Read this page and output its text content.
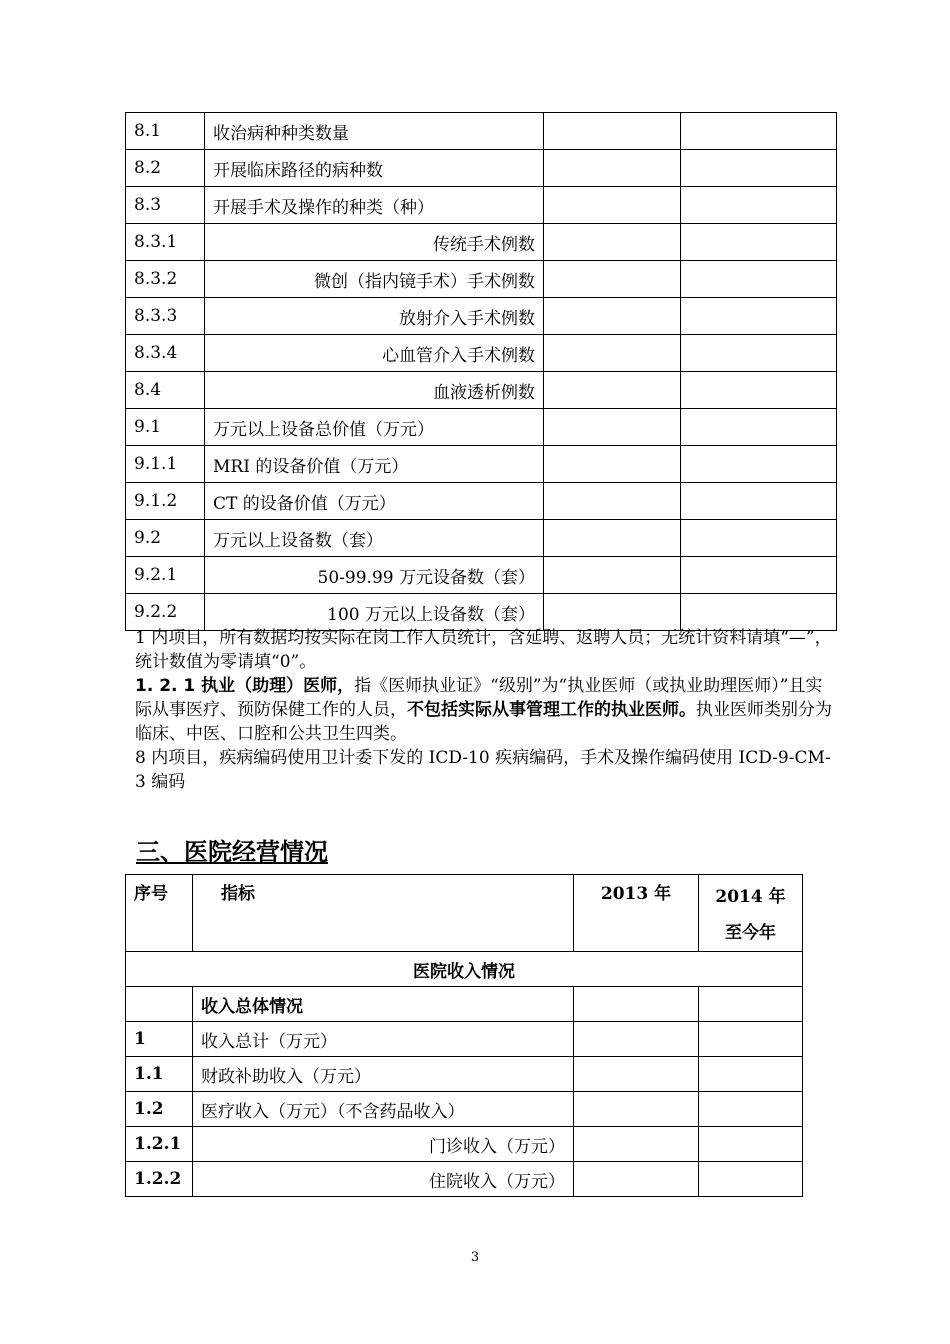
8.1	收治病种种类数量		
8.2	开展临床路径的病种数		
8.3	开展手术及操作的种类（种）		
8.3.1	传统手术例数		
8.3.2	微创（指内镜手术）手术例数		
8.3.3	放射介入手术例数		
8.3.4	心血管介入手术例数		
8.4	血液透析例数		
9.1	万元以上设备总价值（万元）		
9.1.1	MRI 的设备价值（万元）		
9.1.2	CT 的设备价值（万元）		
9.2	万元以上设备数（套）		
9.2.1	50-99.99 万元设备数（套）		
9.2.2	100 万元以上设备数（套）		

1 内项目，所有数据均按实际在岗工作人员统计，含延聘、返聘人员；无统计资料请填“—”，统计数值为零请填“0”。

1. 2. 1 执业（助理）医师，指《医师执业证》“级别”为“执业医师（或执业助理医师）”且实际从事医疗、预防保健工作的人员，不包括实际从事管理工作的执业医师。执业医师类别分为临床、中医、口腔和公共卫生四类。

8 内项目，疾病编码使用卫计委下发的 ICD-10 疾病编码，手术及操作编码使用 ICD-9-CM-3 编码

三、医院经营情况
序号	指标	2013 年	2014 年至今年
医院收入情况			
	收入总体情况		
1	收入总计（万元）		
1.1	财政补助收入（万元）		
1.2	医疗收入（万元）（不含药品收入）		
1.2.1	门诊收入（万元）		
1.2.2	住院收入（万元）		
3
